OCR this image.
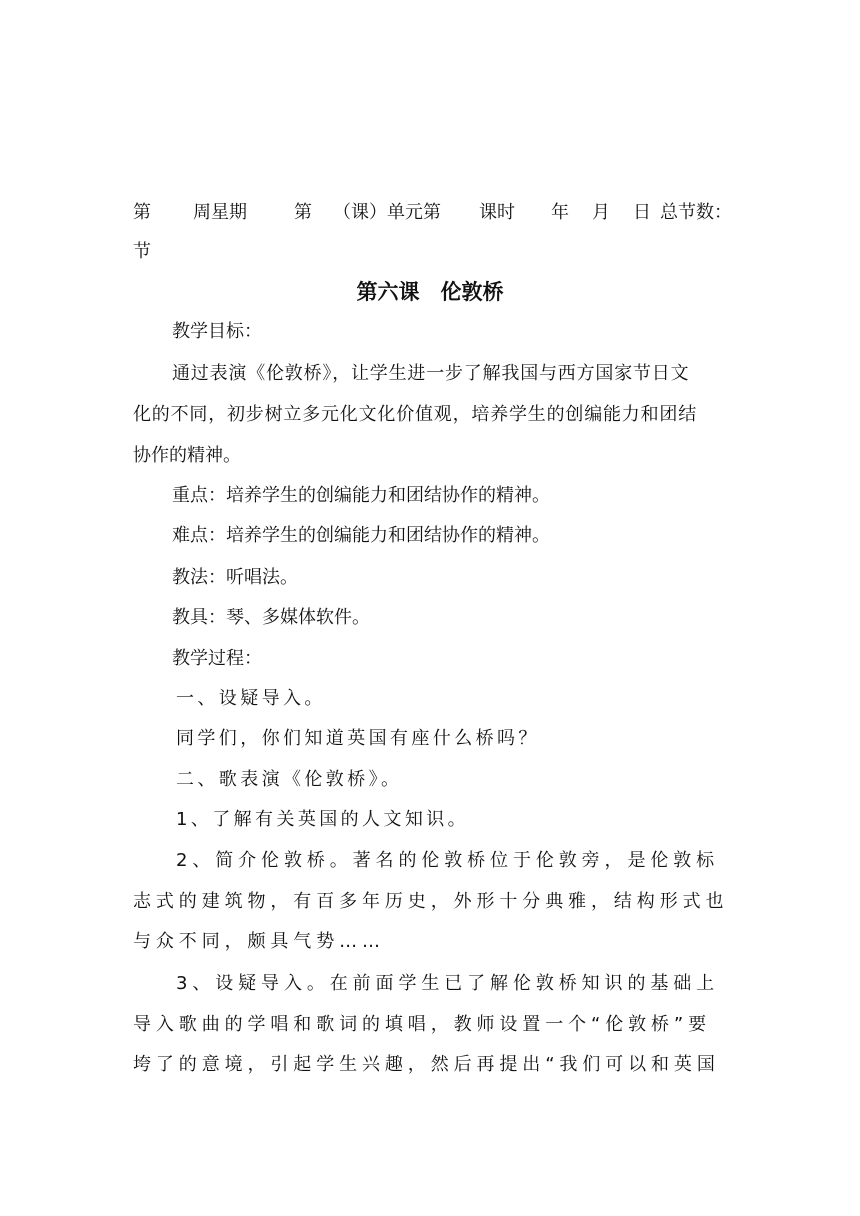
第 周星期	第 （课）单元第 课时 年 月 日 总节数：
节
第六课　伦敦桥
教学目标：
通过表演《伦敦桥》，让学生进一步了解我国与西方国家节日文
化的不同，初步树立多元化文化价值观，培养学生的创编能力和团结
协作的精神。
重点：培养学生的创编能力和团结协作的精神。
难点：培养学生的创编能力和团结协作的精神。
教法：听唱法。
教具：琴、多媒体软件。
教学过程：
一、设疑导入。
同学们，你们知道英国有座什么桥吗？
二、歌表演《伦敦桥》。
1、了解有关英国的人文知识。
2、简介伦敦桥。著名的伦敦桥位于伦敦旁，是伦敦标
志式的建筑物，有百多年历史，外形十分典雅，结构形式也
与众不同，颇具气势……
3、设疑导入。在前面学生已了解伦敦桥知识的基础上
导入歌曲的学唱和歌词的填唱，教师设置一个“伦敦桥”要
垮了的意境，引起学生兴趣，然后再提出“我们可以和英国
